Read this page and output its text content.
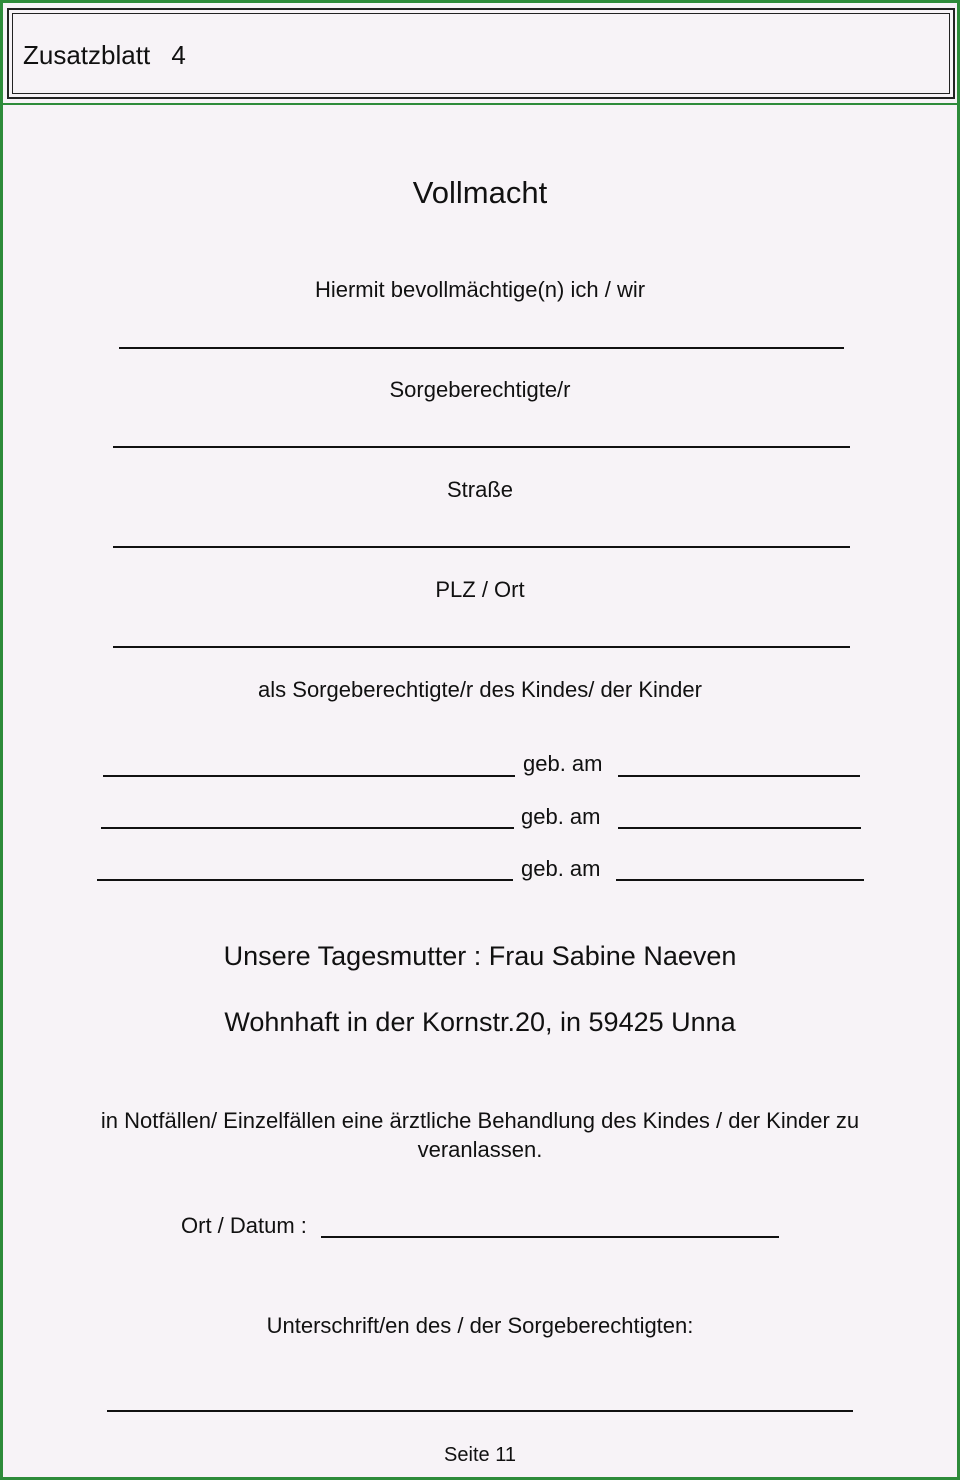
Zusatzblatt 4
Vollmacht
Hiermit bevollmächtige(n) ich / wir
Sorgeberechtigte/r
Straße
PLZ / Ort
als Sorgeberechtigte/r des Kindes/ der Kinder
geb. am
geb. am
geb. am
Unsere Tagesmutter : Frau Sabine Naeven
Wohnhaft in der Kornstr.20, in 59425 Unna
in Notfällen/ Einzelfällen eine ärztliche Behandlung des Kindes / der Kinder zu
veranlassen.
Ort / Datum :
Unterschrift/en des / der Sorgeberechtigten:
Seite 11
